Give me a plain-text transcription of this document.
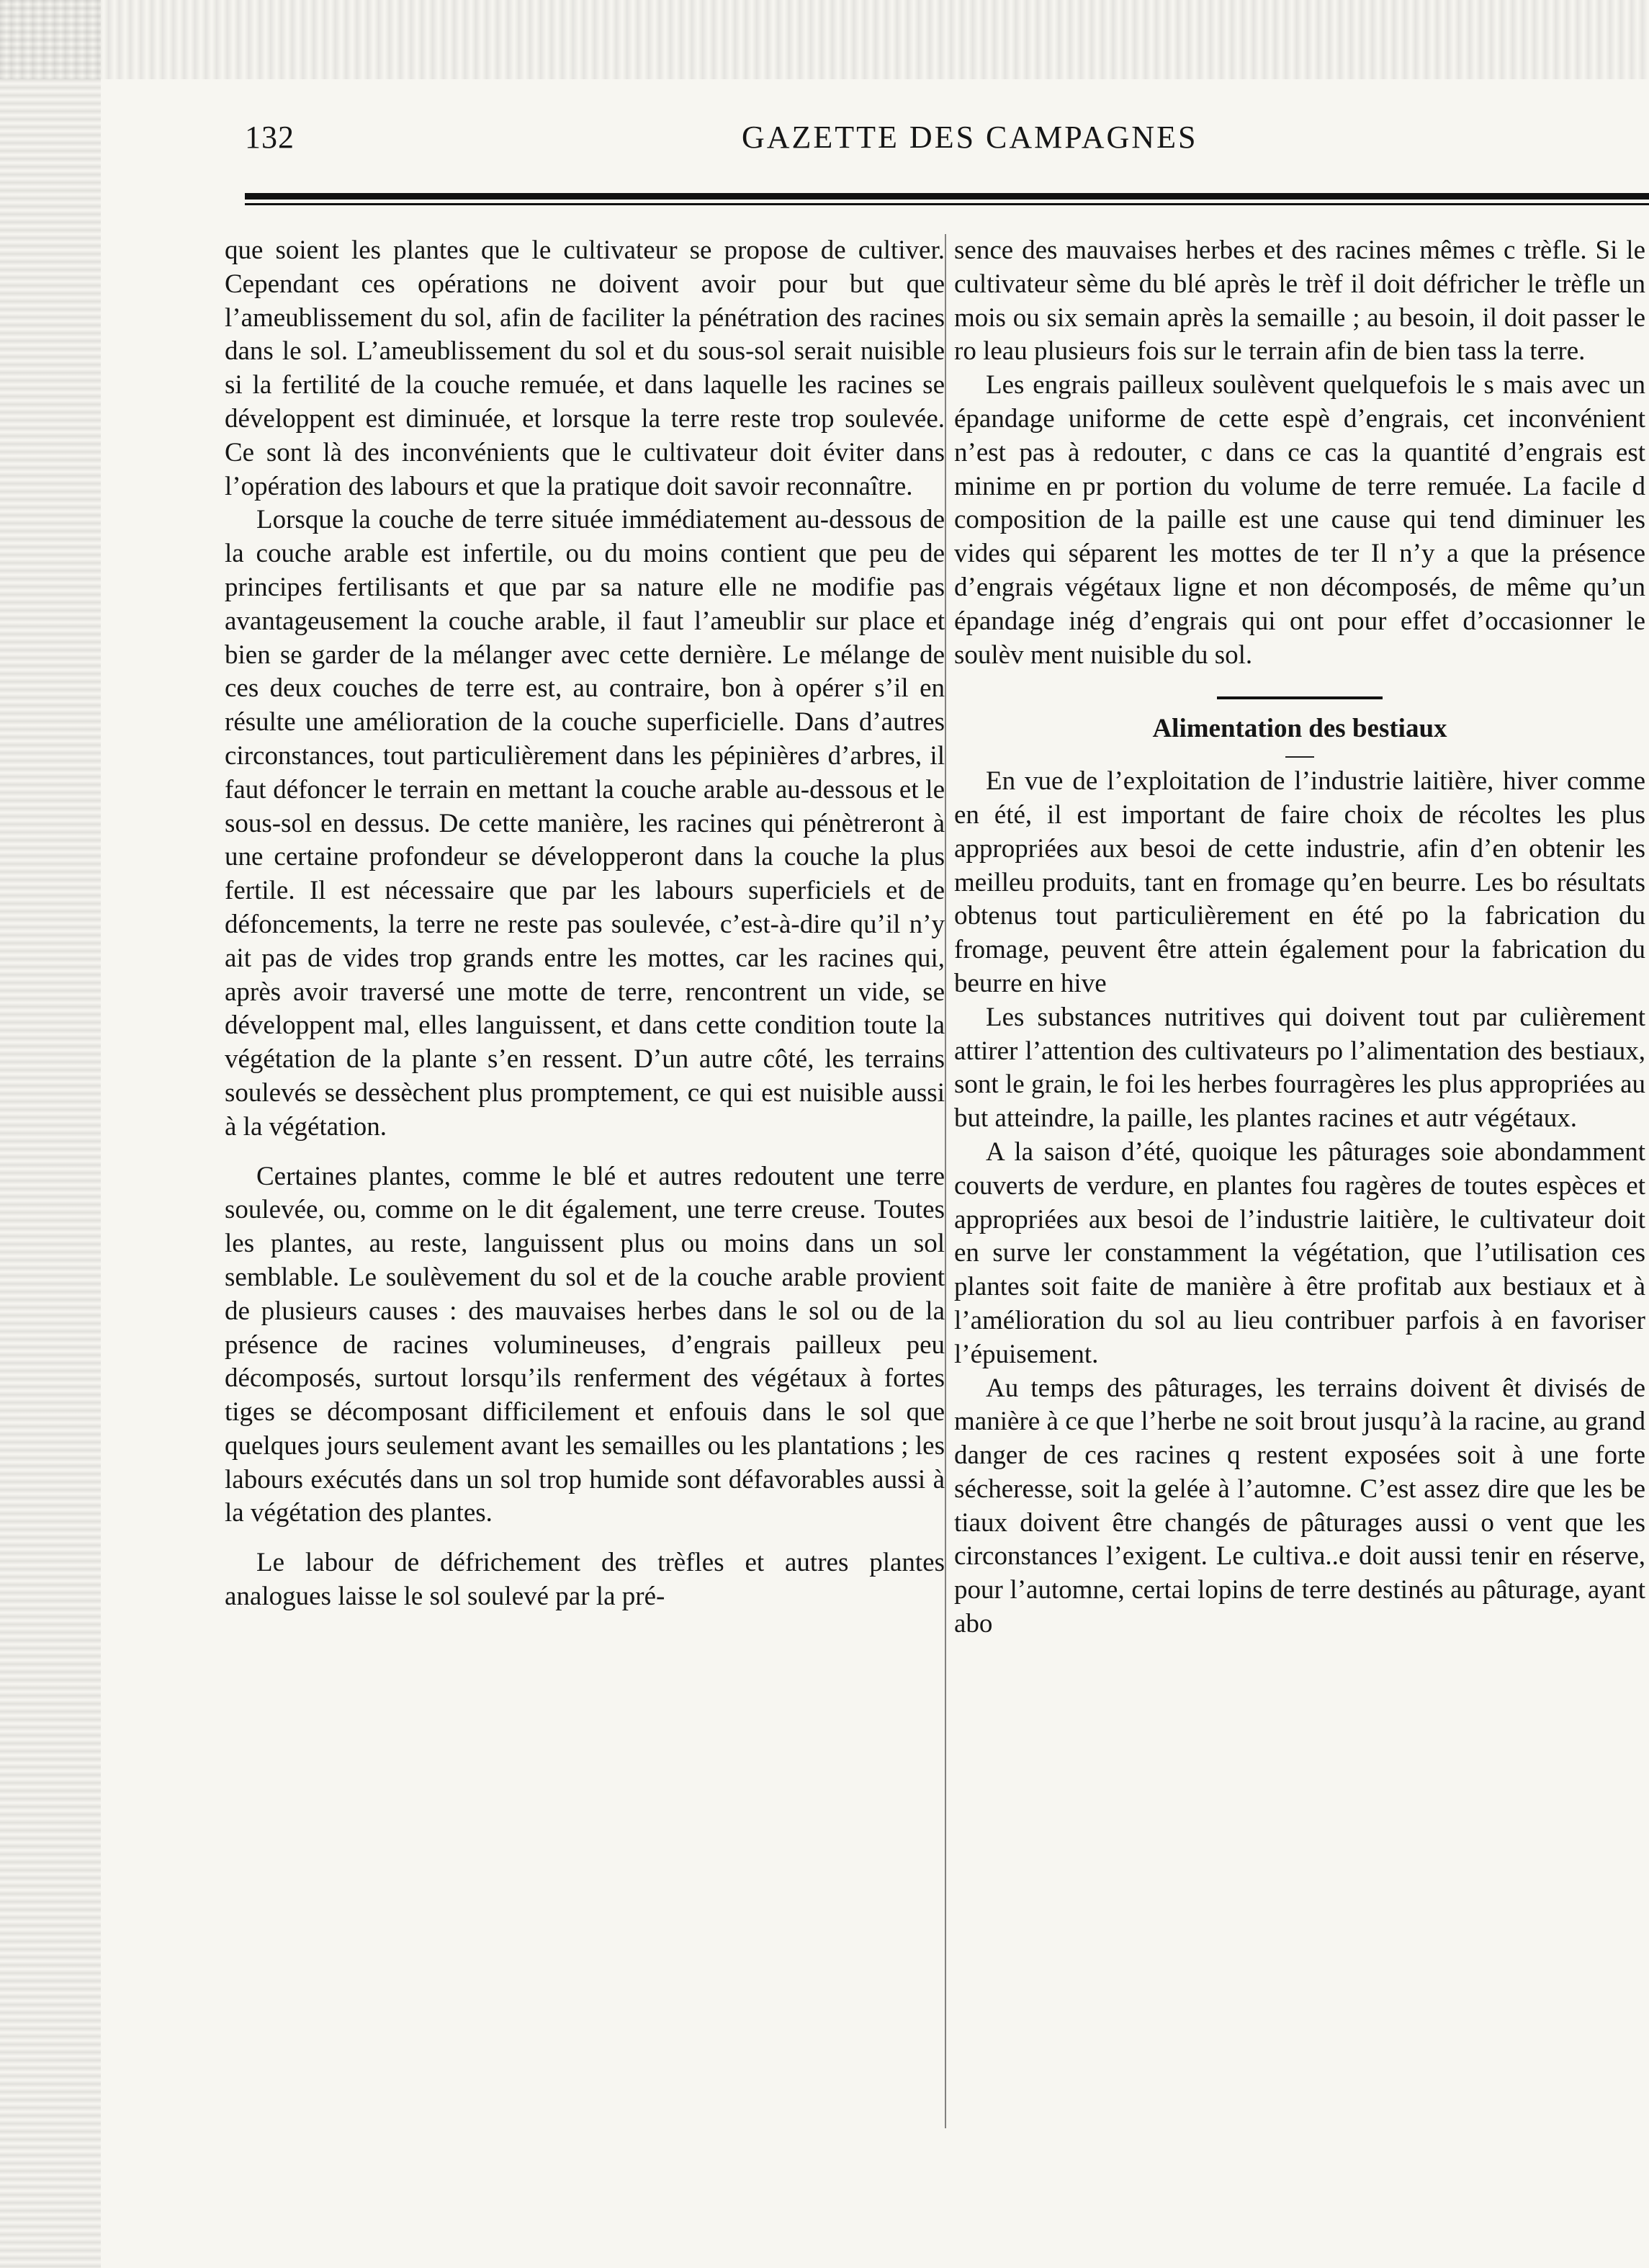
132	GAZETTE DES CAMPAGNES

que soient les plantes que le cultivateur se propose de cultiver. Cependant ces opérations ne doivent avoir pour but que l’ameublissement du sol, afin de faciliter la pénétration des racines dans le sol. L’ameublissement du sol et du sous-sol serait nuisible si la fertilité de la couche remuée, et dans laquelle les racines se développent est diminuée, et lorsque la terre reste trop soulevée. Ce sont là des inconvénients que le cultivateur doit éviter dans l’opération des labours et que la pratique doit savoir reconnaître.

Lorsque la couche de terre située immédiatement au-dessous de la couche arable est infertile, ou du moins contient que peu de principes fertilisants et que par sa nature elle ne modifie pas avantageusement la couche arable, il faut l’ameublir sur place et bien se garder de la mélanger avec cette dernière. Le mélange de ces deux couches de terre est, au contraire, bon à opérer s’il en résulte une amélioration de la couche superficielle. Dans d’autres circonstances, tout particulièrement dans les pépinières d’arbres, il faut défoncer le terrain en mettant la couche arable au-dessous et le sous-sol en dessus. De cette manière, les racines qui pénètreront à une certaine profondeur se développeront dans la couche la plus fertile. Il est nécessaire que par les labours superficiels et de défoncements, la terre ne reste pas soulevée, c’est-à-dire qu’il n’y ait pas de vides trop grands entre les mottes, car les racines qui, après avoir traversé une motte de terre, rencontrent un vide, se développent mal, elles languissent, et dans cette condition toute la végétation de la plante s’en ressent. D’un autre côté, les terrains soulevés se dessèchent plus promptement, ce qui est nuisible aussi à la végétation.

Certaines plantes, comme le blé et autres redoutent une terre soulevée, ou, comme on le dit également, une terre creuse. Toutes les plantes, au reste, languissent plus ou moins dans un sol semblable. Le soulèvement du sol et de la couche arable provient de plusieurs causes : des mauvaises herbes dans le sol ou de la présence de racines volumineuses, d’engrais pailleux peu décomposés, surtout lorsqu’ils renferment des végétaux à fortes tiges se décomposant difficilement et enfouis dans le sol que quelques jours seulement avant les semailles ou les plantations ; les labours exécutés dans un sol trop humide sont défavorables aussi à la végétation des plantes.

Le labour de défrichement des trèfles et autres plantes analogues laisse le sol soulevé par la pré-

sence des mauvaises herbes et des racines mêmes c trèfle. Si le cultivateur sème du blé après le trèf il doit défricher le trèfle un mois ou six semain après la semaille ; au besoin, il doit passer le ro leau plusieurs fois sur le terrain afin de bien tass la terre.

Les engrais pailleux soulèvent quelquefois le s mais avec un épandage uniforme de cette espè d’engrais, cet inconvénient n’est pas à redouter, c dans ce cas la quantité d’engrais est minime en pr portion du volume de terre remuée. La facile d composition de la paille est une cause qui tend diminuer les vides qui séparent les mottes de ter Il n’y a que la présence d’engrais végétaux ligne et non décomposés, de même qu’un épandage inég d’engrais qui ont pour effet d’occasionner le soulèv ment nuisible du sol.

Alimentation des bestiaux

En vue de l’exploitation de l’industrie laitière, hiver comme en été, il est important de faire choix de récoltes les plus appropriées aux besoi de cette industrie, afin d’en obtenir les meilleu produits, tant en fromage qu’en beurre. Les bo résultats obtenus tout particulièrement en été po la fabrication du fromage, peuvent être attein également pour la fabrication du beurre en hive

Les substances nutritives qui doivent tout par culièrement attirer l’attention des cultivateurs po l’alimentation des bestiaux, sont le grain, le foi les herbes fourragères les plus appropriées au but atteindre, la paille, les plantes racines et autr végétaux.

A la saison d’été, quoique les pâturages soie abondamment couverts de verdure, en plantes fou ragères de toutes espèces et appropriées aux besoi de l’industrie laitière, le cultivateur doit en surve ler constamment la végétation, que l’utilisation ces plantes soit faite de manière à être profitab aux bestiaux et à l’amélioration du sol au lieu contribuer parfois à en favoriser l’épuisement.

Au temps des pâturages, les terrains doivent êt divisés de manière à ce que l’herbe ne soit brout jusqu’à la racine, au grand danger de ces racines q restent exposées soit à une forte sécheresse, soit la gelée à l’automne. C’est assez dire que les be tiaux doivent être changés de pâturages aussi o vent que les circonstances l’exigent. Le cultiva..e doit aussi tenir en réserve, pour l’automne, certai lopins de terre destinés au pâturage, ayant abo
